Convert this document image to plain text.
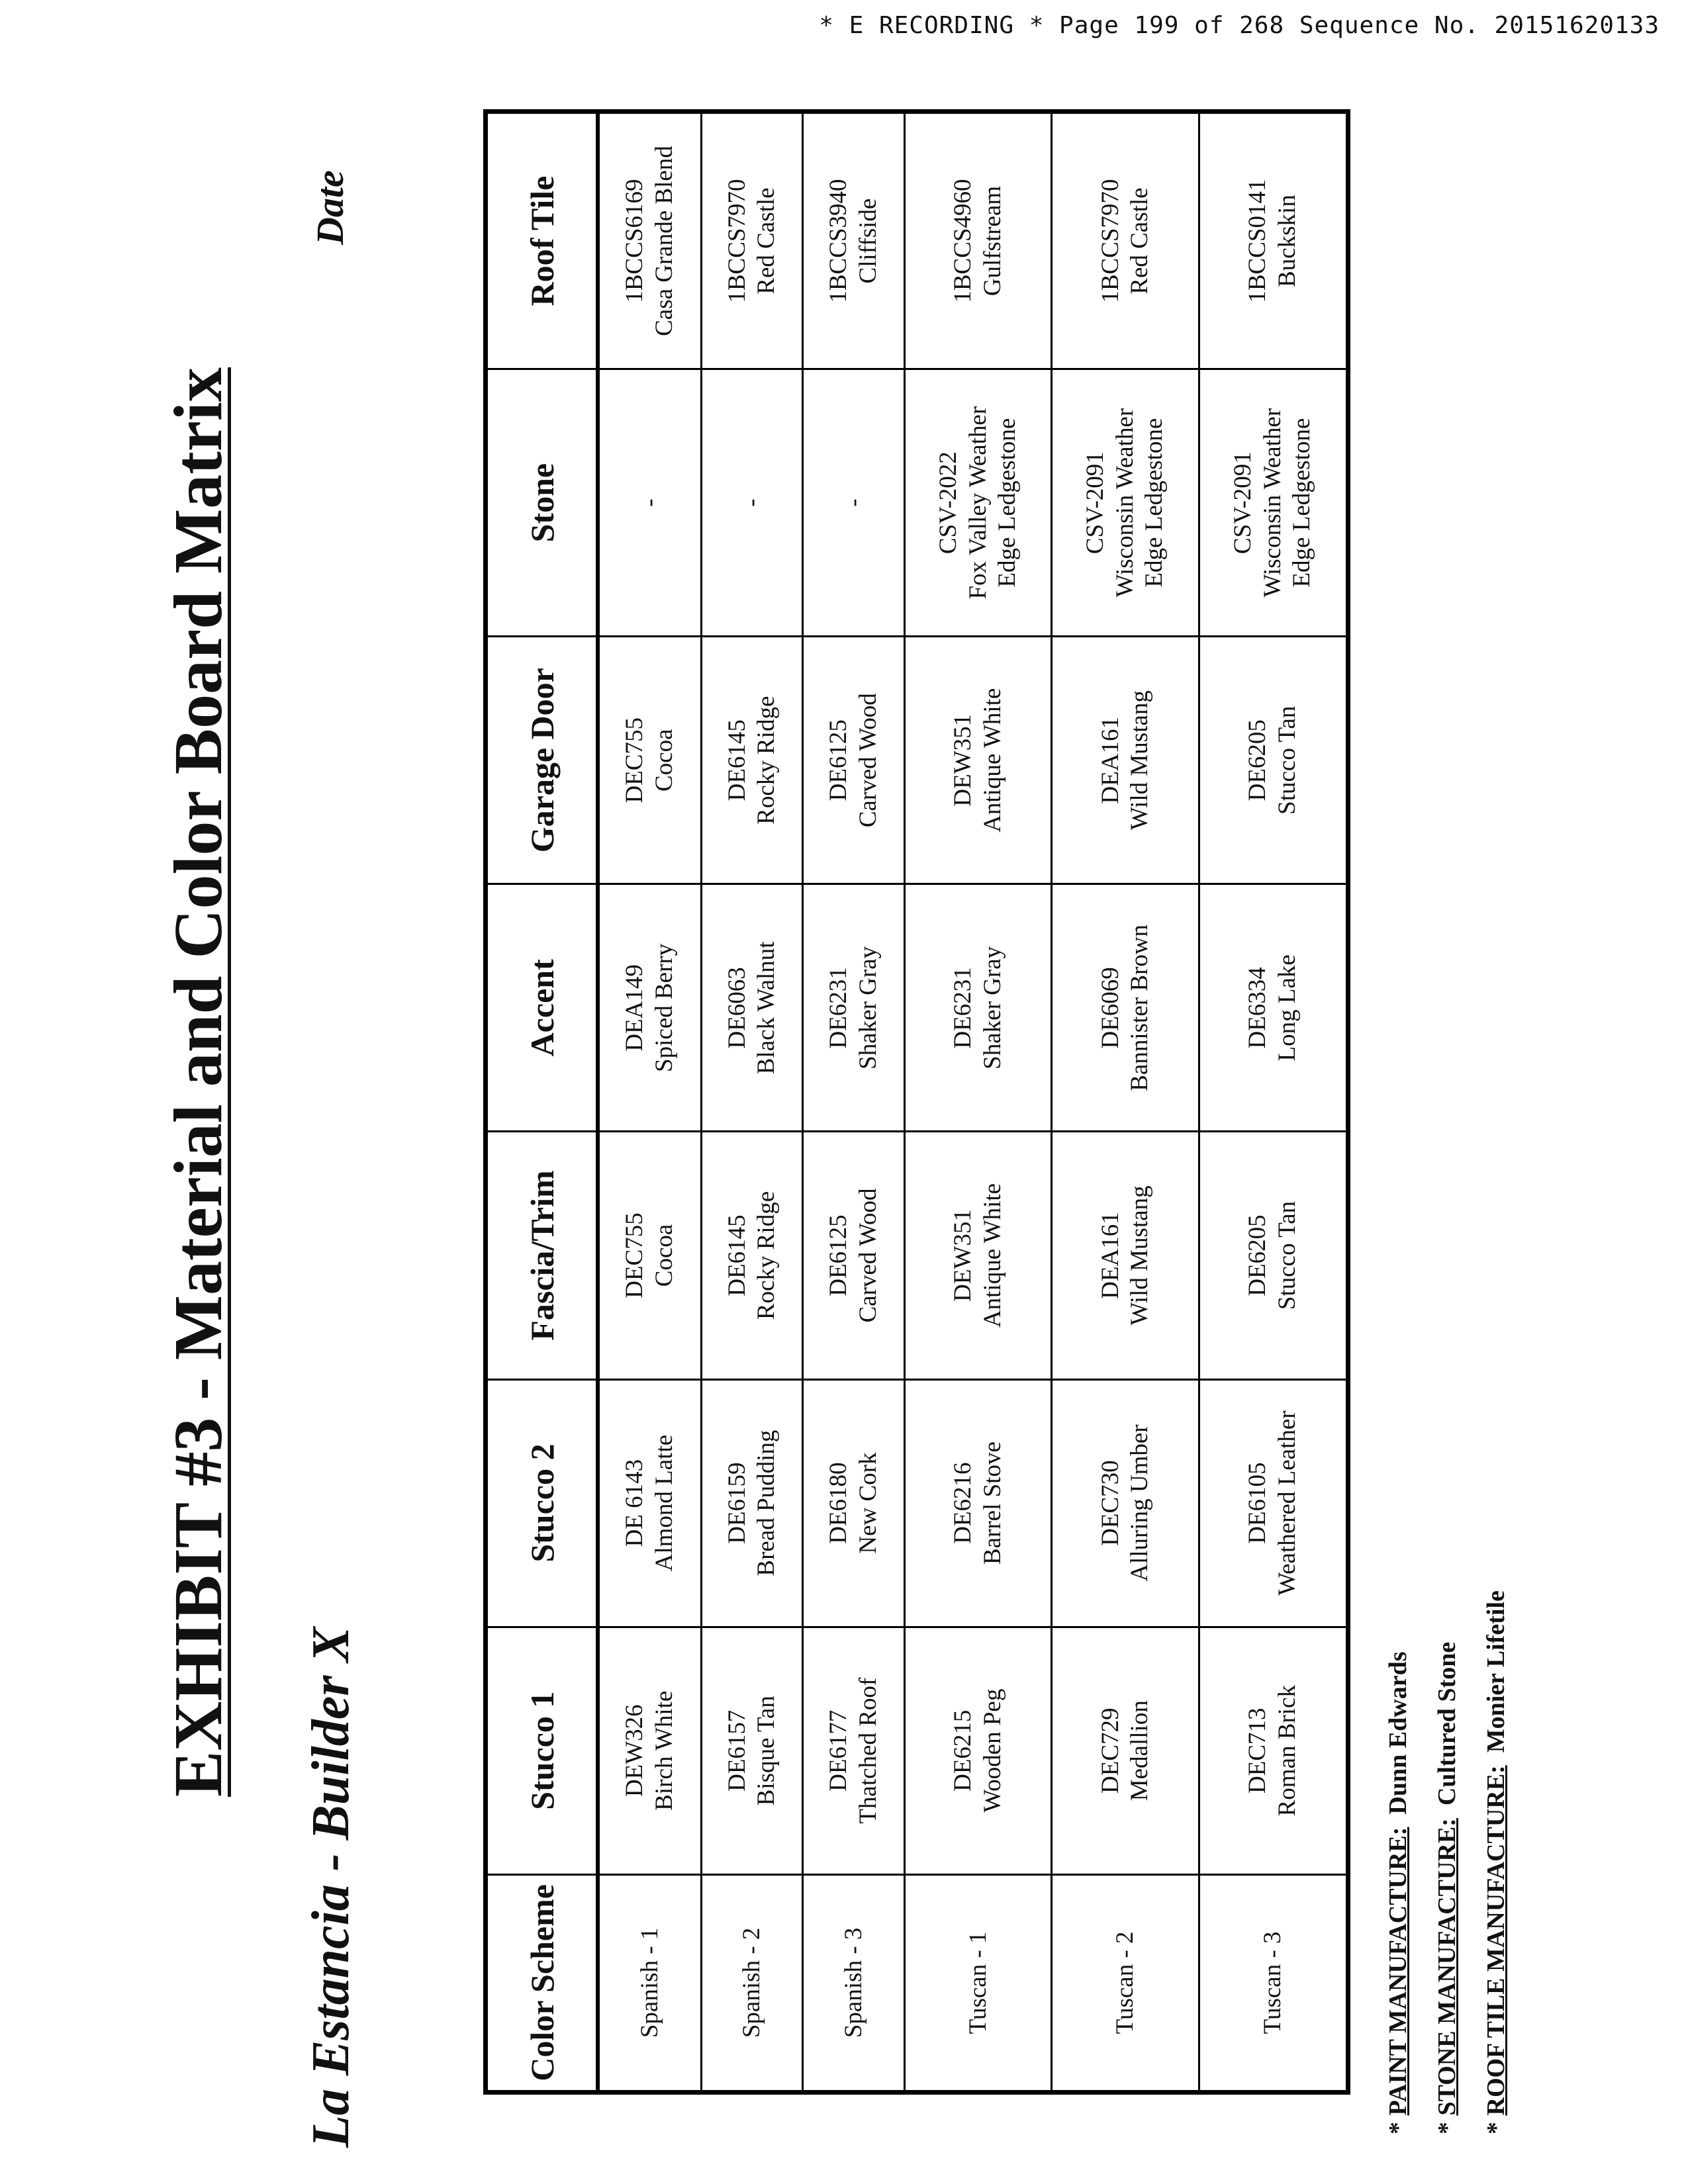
* E RECORDING * Page 199 of 268 Sequence No. 20151620133
EXHIBIT #3 - Material and Color Board Matrix
La Estancia - Builder X
Date
Color Scheme	Stucco 1	Stucco 2	Fascia/Trim	Accent	Garage Door	Stone	Roof Tile
Spanish - 1	DEW326 Birch White	DE 6143 Almond Latte	DEC755 Cocoa	DEA149 Spiced Berry	DEC755 Cocoa	-	1BCCS6169 Casa Grande Blend

Spanish - 2	DE6157 Bisque Tan	DE6159 Bread Pudding	DE6145 Rocky Ridge	DE6063 Black Walnut	DE6145 Rocky Ridge	-	1BCCS7970 Red Castle

Spanish - 3	DE6177 Thatched Roof	DE6180 New Cork	DE6125 Carved Wood	DE6231 Shaker Gray	DE6125 Carved Wood	-	1BCCS3940 Cliffside

Tuscan - 1	DE6215 Wooden Peg	DE6216 Barrel Stove	DEW351 Antique White	DE6231 Shaker Gray	DEW351 Antique White	CSV-2022 Fox Valley Weather Edge Ledgestone	1BCCS4960 Gulfstream

Tuscan - 2	DEC729 Medallion	DEC730 Alluring Umber	DEA161 Wild Mustang	DE6069 Bannister Brown	DEA161 Wild Mustang	CSV-2091 Wisconsin Weather Edge Ledgestone	1BCCS7970 Red Castle

Tuscan - 3	DEC713 Roman Brick	DE6105 Weathered Leather	DE6205 Stucco Tan	DE6334 Long Lake	DE6205 Stucco Tan	CSV-2091 Wisconsin Weather Edge Ledgestone	1BCCS0141 Buckskin
*

PAINT MANUFACTURE:

Dunn Edwards
*

STONE MANUFACTURE:

Cultured Stone
*

ROOF TILE MANUFACTURE:

Monier Lifetile
